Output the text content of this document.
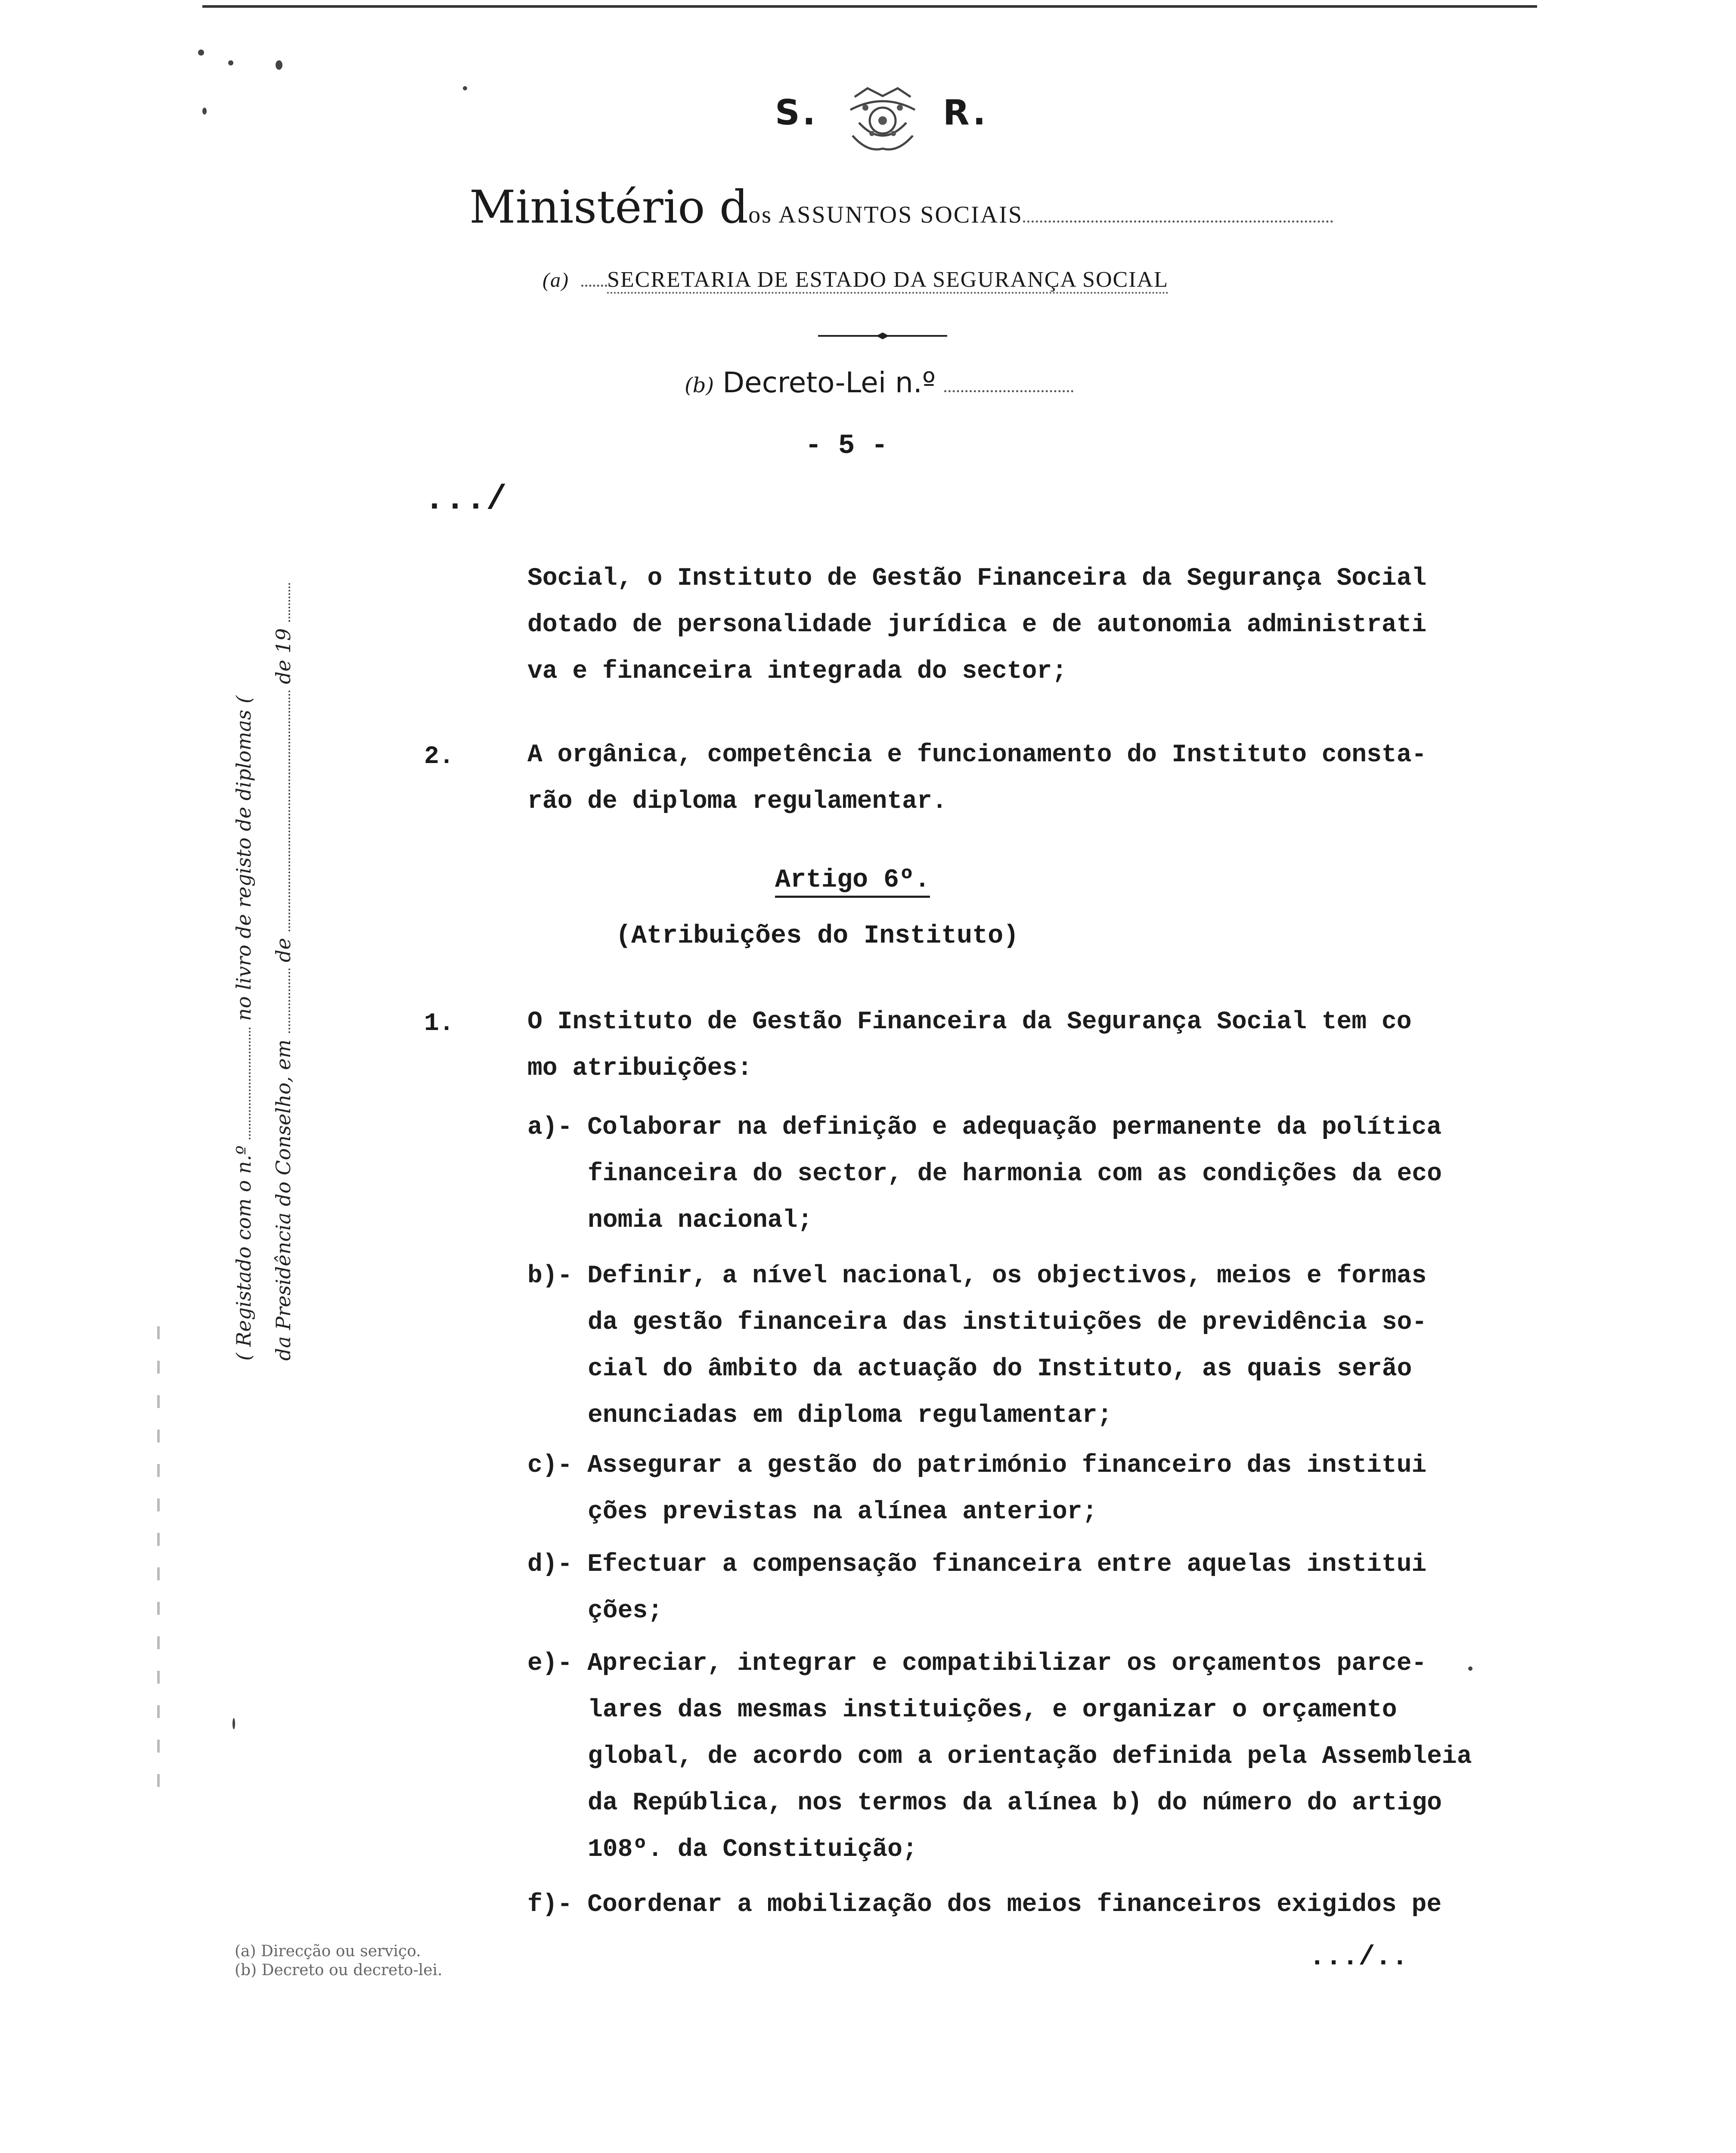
S.	R.
Ministério dos ASSUNTOS SOCIAIS
(a) SECRETARIA DE ESTADO DA SEGURANÇA SOCIAL
(b) Decreto-Lei n.º
- 5 -
.../
( Registado com o n.º  no livro de registo de diplomas (
da Presidência do Conselho, em  de  de 19
Social, o Instituto de Gestão Financeira da Segurança Social
dotado de personalidade jurídica e de autonomia administrati
va e financeira integrada do sector;
2.	A orgânica, competência e funcionamento do Instituto consta-
rão de diploma regulamentar.
Artigo 6º.
(Atribuições do Instituto)
1.	O Instituto de Gestão Financeira da Segurança Social tem co
mo atribuições:
a)- Colaborar na definição e adequação permanente da política
financeira do sector, de harmonia com as condições da eco
nomia nacional;
b)- Definir, a nível nacional, os objectivos, meios e formas
da gestão financeira das instituições de previdência so-
cial do âmbito da actuação do Instituto, as quais serão
enunciadas em diploma regulamentar;
c)- Assegurar a gestão do património financeiro das institui
ções previstas na alínea anterior;
d)- Efectuar a compensação financeira entre aquelas institui
ções;
e)- Apreciar, integrar e compatibilizar os orçamentos parce-
lares das mesmas instituições, e organizar o orçamento
global, de acordo com a orientação definida pela Assembleia
da República, nos termos da alínea b) do número do artigo
108º. da Constituição;
f)- Coordenar a mobilização dos meios financeiros exigidos pe
.../..
(a) Direcção ou serviço.
(b) Decreto ou decreto-lei.
